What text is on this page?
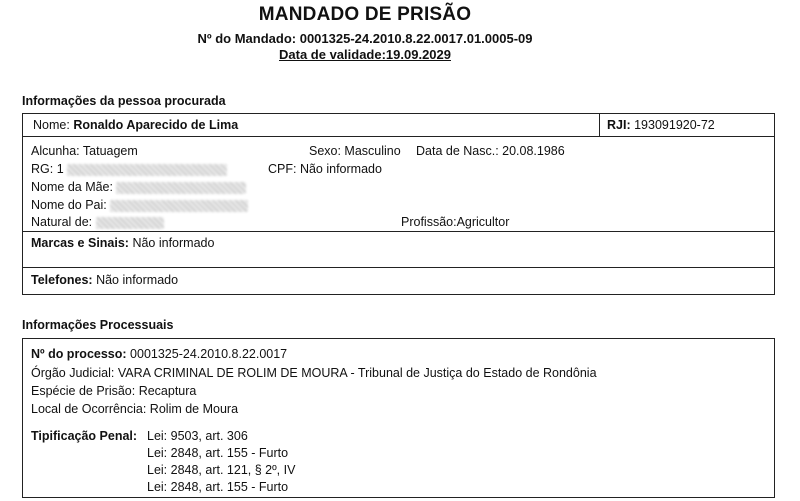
MANDADO DE PRISÃO
Nº do Mandado: 0001325-24.2010.8.22.0017.01.0005-09
Data de validade:19.09.2029
Informações da pessoa procurada
Nome: Ronaldo Aparecido de Lima	RJI: 193091920-72
Alcunha: Tatuagem	Sexo: Masculino Data de Nasc.: 20.08.1986
RG: 1	CPF: Não informado
Nome da Mãe:
Nome do Pai:
Natural de:	Profissão:Agricultor
Marcas e Sinais: Não informado
Telefones: Não informado
Informações Processuais
Nº do processo: 0001325-24.2010.8.22.0017
Órgão Judicial: VARA CRIMINAL DE ROLIM DE MOURA - Tribunal de Justiça do Estado de Rondônia
Espécie de Prisão: Recaptura
Local de Ocorrência: Rolim de Moura
Tipificação Penal: Lei: 9503, art. 306
Lei: 2848, art. 155 - Furto
Lei: 2848, art. 121, § 2º, IV
Lei: 2848, art. 155 - Furto
